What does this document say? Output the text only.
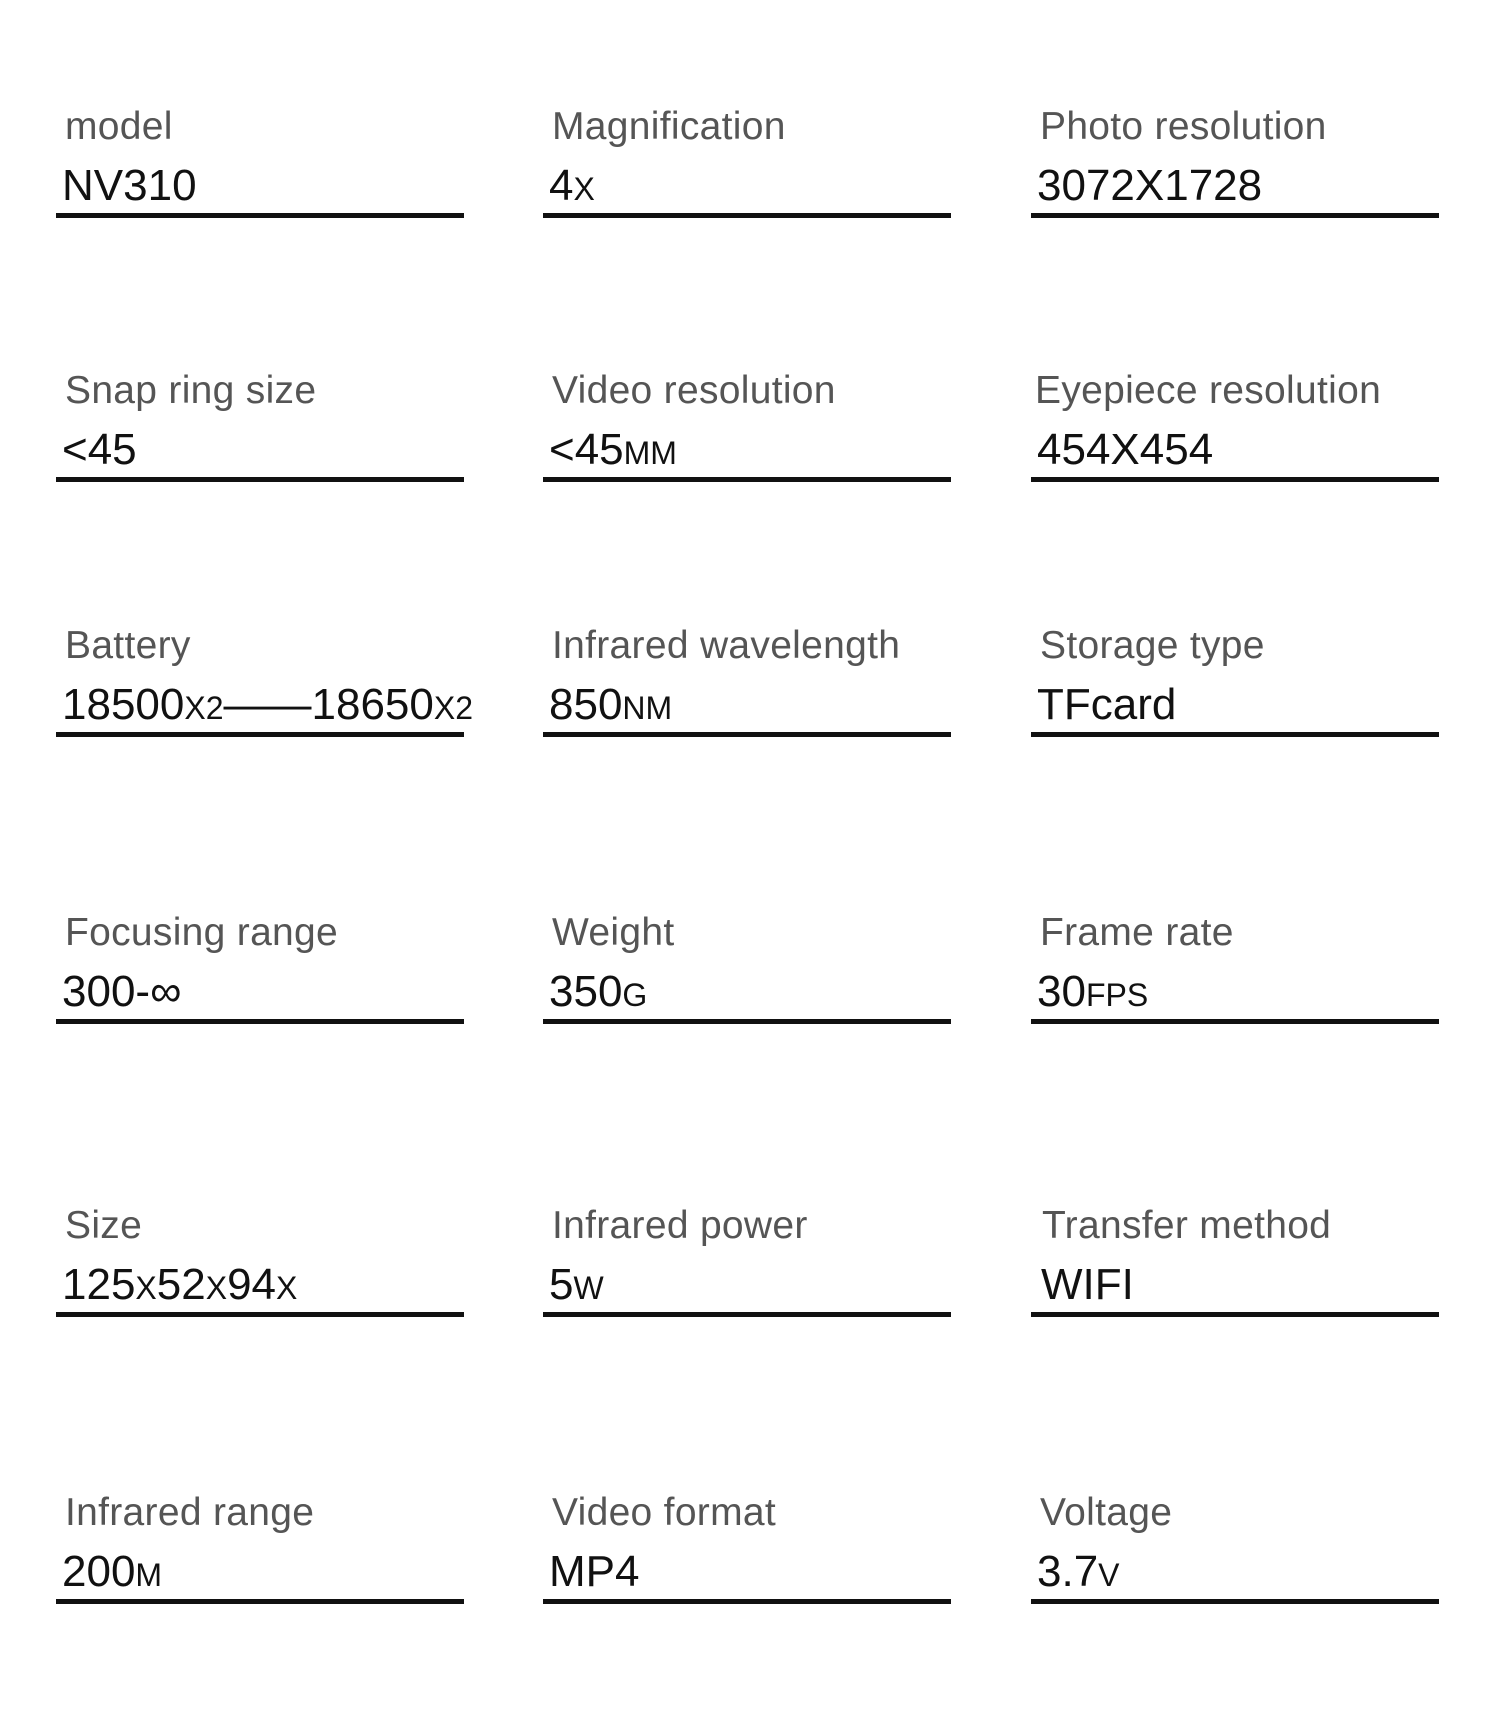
model
NV310
Magnification
4X
Photo resolution
3072X1728
Snap ring size
<45
Video resolution
<45MM
Eyepiece resolution
454X454
Battery
18500X2——18650X2
Infrared wavelength
850NM
Storage type
TFcard
Focusing range
300-∞
Weight
350G
Frame rate
30FPS
Size
125X52X94X
Infrared power
5W
Transfer method
WIFI
Infrared range
200M
Video format
MP4
Voltage
3.7V
